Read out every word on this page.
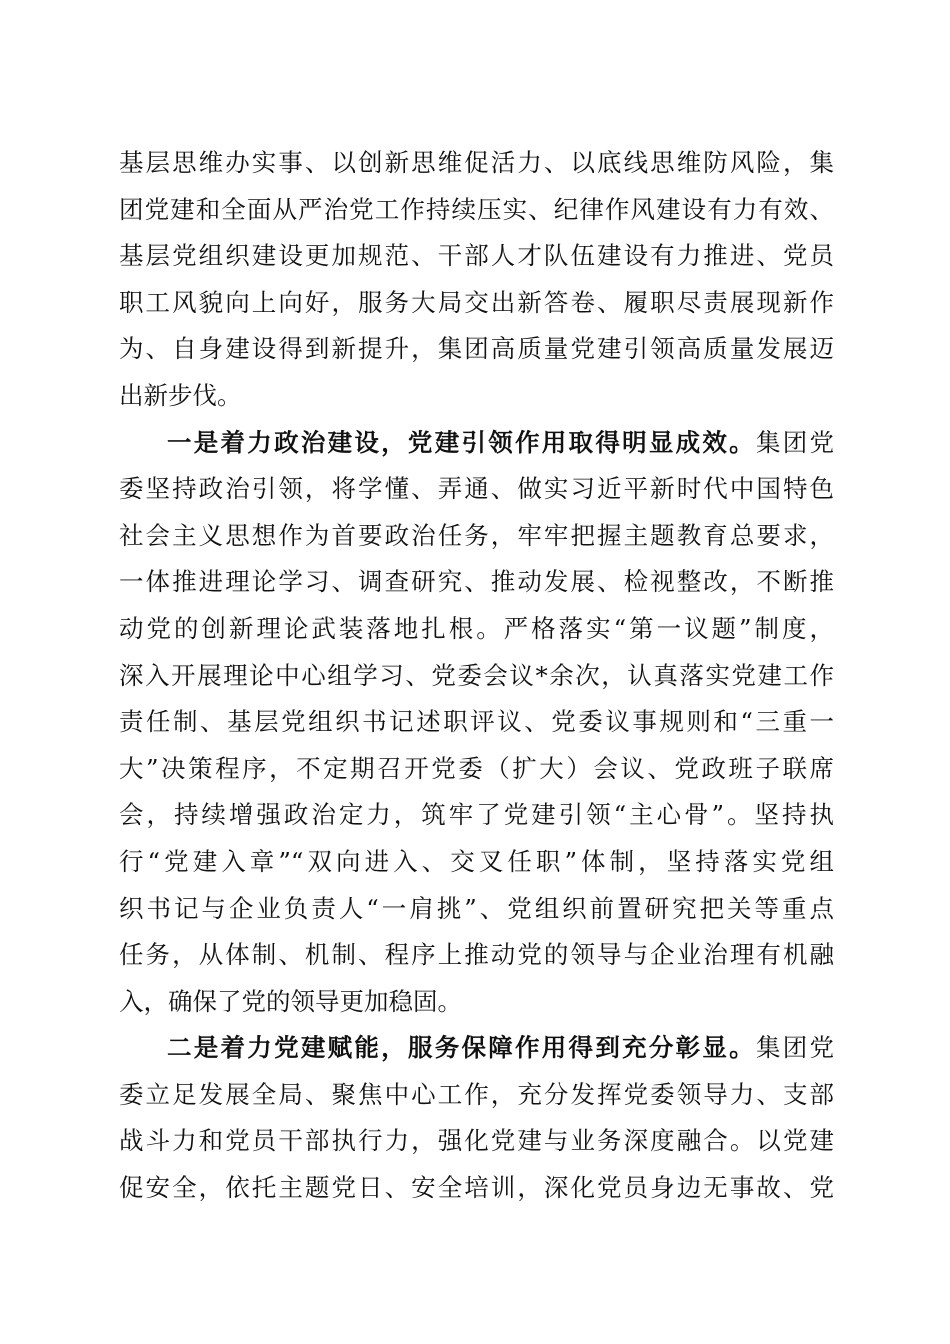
基层思维办实事、以创新思维促活力、以底线思维防风险，集
团党建和全面从严治党工作持续压实、纪律作风建设有力有效、
基层党组织建设更加规范、干部人才队伍建设有力推进、党员
职工风貌向上向好，服务大局交出新答卷、履职尽责展现新作
为、自身建设得到新提升，集团高质量党建引领高质量发展迈
出新步伐。
一是着力政治建设，党建引领作用取得明显成效。集团党
委坚持政治引领，将学懂、弄通、做实习近平新时代中国特色
社会主义思想作为首要政治任务，牢牢把握主题教育总要求，
一体推进理论学习、调查研究、推动发展、检视整改，不断推
动党的创新理论武装落地扎根。严格落实“第一议题”制度，
深入开展理论中心组学习、党委会议*余次，认真落实党建工作
责任制、基层党组织书记述职评议、党委议事规则和“三重一
大”决策程序，不定期召开党委（扩大）会议、党政班子联席
会，持续增强政治定力，筑牢了党建引领“主心骨”。坚持执
行“党建入章”“双向进入、交叉任职”体制，坚持落实党组
织书记与企业负责人“一肩挑”、党组织前置研究把关等重点
任务，从体制、机制、程序上推动党的领导与企业治理有机融
入，确保了党的领导更加稳固。
二是着力党建赋能，服务保障作用得到充分彰显。集团党
委立足发展全局、聚焦中心工作，充分发挥党委领导力、支部
战斗力和党员干部执行力，强化党建与业务深度融合。以党建
促安全，依托主题党日、安全培训，深化党员身边无事故、党
